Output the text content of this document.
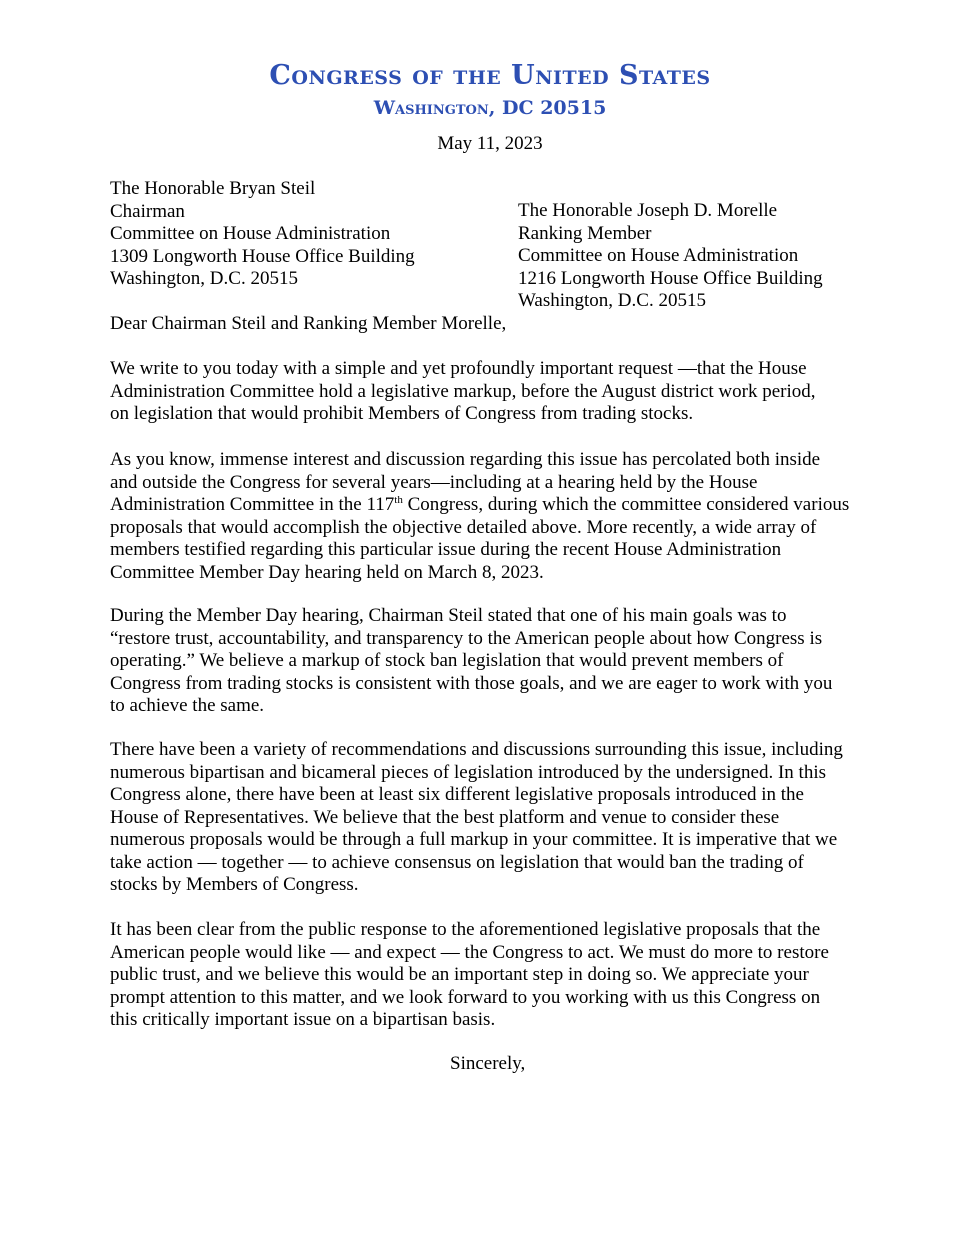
Congress of the United States
Washington, DC 20515
May 11, 2023
The Honorable Bryan Steil
Chairman
Committee on House Administration
1309 Longworth House Office Building
Washington, D.C. 20515
The Honorable Joseph D. Morelle
Ranking Member
Committee on House Administration
1216 Longworth House Office Building
Washington, D.C. 20515
Dear Chairman Steil and Ranking Member Morelle,
We write to you today with a simple and yet profoundly important request —that the House
Administration Committee hold a legislative markup, before the August district work period,
on legislation that would prohibit Members of Congress from trading stocks.
As you know, immense interest and discussion regarding this issue has percolated both inside
and outside the Congress for several years—including at a hearing held by the House
Administration Committee in the 117th Congress, during which the committee considered various
proposals that would accomplish the objective detailed above. More recently, a wide array of
members testified regarding this particular issue during the recent House Administration
Committee Member Day hearing held on March 8, 2023.
During the Member Day hearing, Chairman Steil stated that one of his main goals was to
“restore trust, accountability, and transparency to the American people about how Congress is
operating.” We believe a markup of stock ban legislation that would prevent members of
Congress from trading stocks is consistent with those goals, and we are eager to work with you
to achieve the same.
There have been a variety of recommendations and discussions surrounding this issue, including
numerous bipartisan and bicameral pieces of legislation introduced by the undersigned. In this
Congress alone, there have been at least six different legislative proposals introduced in the
House of Representatives. We believe that the best platform and venue to consider these
numerous proposals would be through a full markup in your committee. It is imperative that we
take action — together — to achieve consensus on legislation that would ban the trading of
stocks by Members of Congress.
It has been clear from the public response to the aforementioned legislative proposals that the
American people would like — and expect — the Congress to act. We must do more to restore
public trust, and we believe this would be an important step in doing so. We appreciate your
prompt attention to this matter, and we look forward to you working with us this Congress on
this critically important issue on a bipartisan basis.
Sincerely,
